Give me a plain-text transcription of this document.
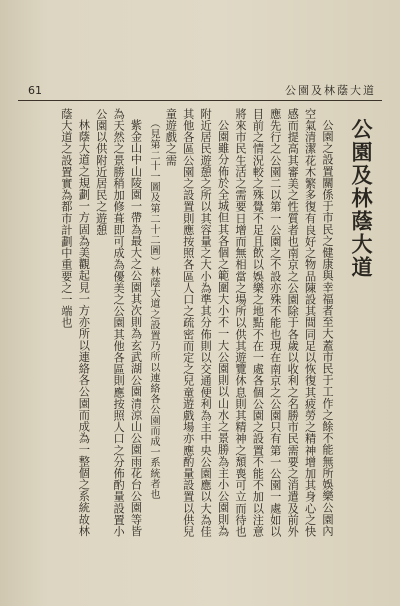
61	公園及林蔭大道
公園及林蔭大道

公園之設置關係于市民之健康與幸福者至大蓋市民于工作之餘不能無所娛樂公園內空氣清潔花木繁多復有良好之物品陳設其間同足以恢復其疲勞之精神增加其身心之快感而提高其審美之性質者也南京之公園除于各歲以收利之名勝市民需要之消遣及前外應先行之公園二以第一公園之不設亦殊不能也現在南京之公園只有第一公園一處如以目前之情況較之殊覺不足且飲以娛樂之地點不在一處各個公園之設置不能不加以注意將來市民生活之需要日增而無相當之場所以供其遊覽休息則其精神之頹喪可立而待也

公園雖分佈於全城但其各個之範圍大小不一大公園則以山水之景勝為主小公園則為附近居民遊憩之所以其容量之大小為準其分佈則以交通便利為主中央公園應以大為佳其他各區公園之設置則應按照各區人口之疏密而定之兒童遊戲場亦應酌量設置以供兒童遊戲之需

（見第二十一圖及第二十二圖）林蔭大道之設置乃所以連絡各公園而成一系統者也

紫金山中山陵園一帶為最大之公園其次則為玄武湖公園清涼山公園雨花台公園等皆為天然之景勝稍加修葺即可成為優美之公園其他各區則應按照人口之分佈酌量設置小公園以供附近居民之遊憩

林蔭大道之規劃一方固為美觀起見一方亦所以連絡各公園而成為一整個之系統故林蔭大道之設置實為都市計劃中重要之一端也
